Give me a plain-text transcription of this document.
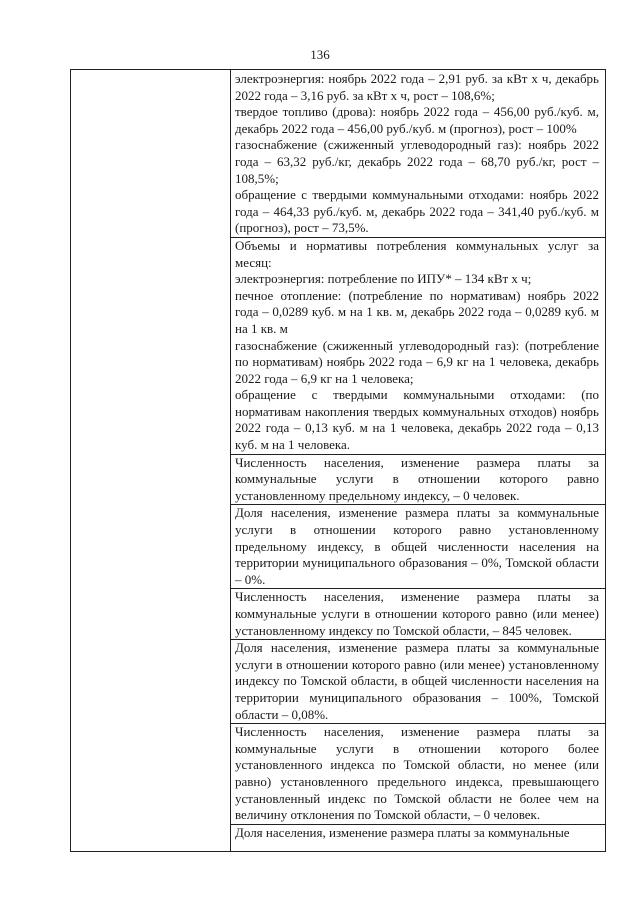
136
электроэнергия: ноябрь 2022 года – 2,91 руб. за кВт х ч, декабрь 2022 года – 3,16 руб. за кВт х ч, рост – 108,6%;
твердое топливо (дрова): ноябрь 2022 года – 456,00 руб./куб. м, декабрь 2022 года – 456,00 руб./куб. м (прогноз), рост – 100%
газоснабжение (сжиженный углеводородный газ): ноябрь 2022 года – 63,32 руб./кг, декабрь 2022 года – 68,70 руб./кг, рост – 108,5%;
обращение с твердыми коммунальными отходами: ноябрь 2022 года – 464,33 руб./куб. м, декабрь 2022 года – 341,40 руб./куб. м (прогноз), рост – 73,5%.
Объемы и нормативы потребления коммунальных услуг за месяц:
электроэнергия: потребление по ИПУ* – 134 кВт х ч;
печное отопление: (потребление по нормативам) ноябрь 2022 года – 0,0289 куб. м на 1 кв. м, декабрь 2022 года – 0,0289 куб. м на 1 кв. м
газоснабжение (сжиженный углеводородный газ): (потребление по нормативам) ноябрь 2022 года – 6,9 кг на 1 человека, декабрь 2022 года – 6,9 кг на 1 человека;
обращение с твердыми коммунальными отходами: (по нормативам накопления твердых коммунальных отходов) ноябрь 2022 года – 0,13 куб. м на 1 человека, декабрь 2022 года – 0,13 куб. м на 1 человека.
Численность населения, изменение размера платы за коммунальные услуги в отношении которого равно установленному предельному индексу, – 0 человек.
Доля населения, изменение размера платы за коммунальные услуги в отношении которого равно установленному предельному индексу, в общей численности населения на территории муниципального образования – 0%, Томской области – 0%.
Численность населения, изменение размера платы за коммунальные услуги в отношении которого равно (или менее) установленному индексу по Томской области, – 845 человек.
Доля населения, изменение размера платы за коммунальные услуги в отношении которого равно (или менее) установленному индексу по Томской области, в общей численности населения на территории муниципального образования – 100%, Томской области – 0,08%.
Численность населения, изменение размера платы за коммунальные услуги в отношении которого более установленного индекса по Томской области, но менее (или равно) установленного предельного индекса, превышающего установленный индекс по Томской области не более чем на величину отклонения по Томской области, – 0 человек.
Доля населения, изменение размера платы за коммунальные
